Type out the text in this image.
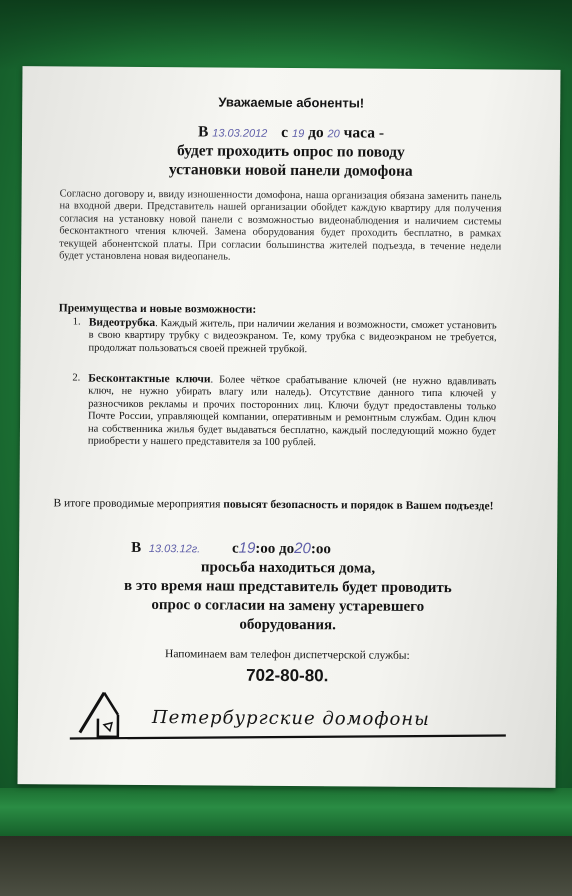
Уважаемые абоненты!
В 13.03.2012 с 19 до 20 часа -
будет проходить опрос по поводу
установки новой панели домофона
Согласно договору и, ввиду изношенности домофона, наша организация обязана заменить панель на входной двери. Представитель нашей организации обойдет каждую квартиру для получения согласия на установку новой панели с возможностью видеонаблюдения и наличием системы бесконтактного чтения ключей. Замена оборудования будет проходить бесплатно, в рамках текущей абонентской платы. При согласии большинства жителей подъезда, в течение недели будет установлена новая видеопанель.
Преимущества и новые возможности:
1. Видеотрубка. Каждый житель, при наличии желания и возможности, сможет установить в свою квартиру трубку с видеоэкраном. Те, кому трубка с видеоэкраном не требуется, продолжат пользоваться своей прежней трубкой.
2. Бесконтактные ключи. Более чёткое срабатывание ключей (не нужно вдавливать ключ, не нужно убирать влагу или наледь). Отсутствие данного типа ключей у разносчиков рекламы и прочих посторонних лиц. Ключи будут предоставлены только Почте России, управляющей компании, оперативным и ремонтным службам. Один ключ на собственника жилья будет выдаваться бесплатно, каждый последующий можно будет приобрести у нашего представителя за 100 рублей.
В итоге проводимые мероприятия повысят безопасность и порядок в Вашем подъезде!
В 13.03.12г. с19:oo до20:oo
просьба находиться дома,
в это время наш представитель будет проводить
опрос о согласии на замену устаревшего
оборудования.
Напоминаем вам телефон диспетчерской службы:
702-80-80.
Петербургские домофоны
